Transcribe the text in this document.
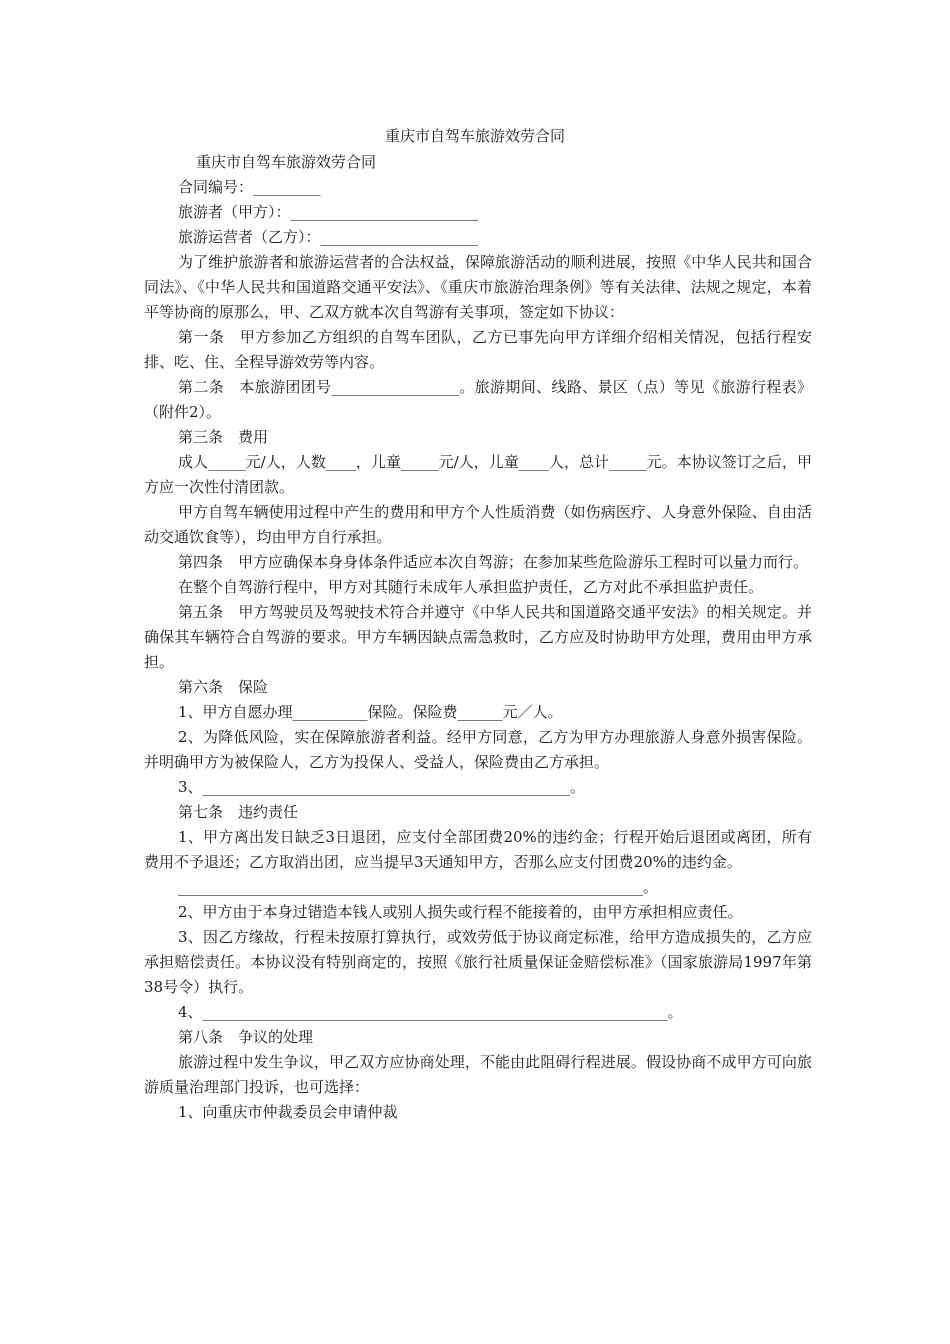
重庆市自驾车旅游效劳合同

重庆市自驾车旅游效劳合同

合同编号：_________

旅游者（甲方）：_________________________

旅游运营者（乙方）：_____________________

为了维护旅游者和旅游运营者的合法权益，保障旅游活动的顺利进展，按照《中华人民共和国合同法》、《中华人民共和国道路交通平安法》、《重庆市旅游治理条例》等有关法律、法规之规定，本着平等协商的原那么，甲、乙双方就本次自驾游有关事项，签定如下协议：

第一条　甲方参加乙方组织的自驾车团队，乙方已事先向甲方详细介绍相关情况，包括行程安排、吃、住、全程导游效劳等内容。

第二条　本旅游团团号_________________。旅游期间、线路、景区（点）等见《旅游行程表》（附件2）。

第三条　费用

成人_____元/人，人数____，儿童_____元/人，儿童____人，总计_____元。本协议签订之后，甲方应一次性付清团款。

甲方自驾车辆使用过程中产生的费用和甲方个人性质消费（如伤病医疗、人身意外保险、自由活动交通饮食等），均由甲方自行承担。

第四条　甲方应确保本身身体条件适应本次自驾游；在参加某些危险游乐工程时可以量力而行。

在整个自驾游行程中，甲方对其随行未成年人承担监护责任，乙方对此不承担监护责任。

第五条　甲方驾驶员及驾驶技术符合并遵守《中华人民共和国道路交通平安法》的相关规定。并确保其车辆符合自驾游的要求。甲方车辆因缺点需急救时，乙方应及时协助甲方处理，费用由甲方承担。

第六条　保险

1、甲方自愿办理__________保险。保险费______元／人。

2、为降低风险，实在保障旅游者利益。经甲方同意，乙方为甲方办理旅游人身意外损害保险。并明确甲方为被保险人，乙方为投保人、受益人，保险费由乙方承担。

3、_________________________________________________。

第七条　违约责任

1、甲方离出发日缺乏3日退团，应支付全部团费20%的违约金；行程开始后退团或离团，所有费用不予退还；乙方取消出团，应当提早3天通知甲方，否那么应支付团费20%的违约金。

______________________________________________________________。

2、甲方由于本身过错造本钱人或别人损失或行程不能接着的，由甲方承担相应责任。

3、因乙方缘故，行程未按原打算执行，或效劳低于协议商定标准，给甲方造成损失的，乙方应承担赔偿责任。本协议没有特别商定的，按照《旅行社质量保证金赔偿标准》（国家旅游局1997年第38号令）执行。

4、______________________________________________________________。

第八条　争议的处理

旅游过程中发生争议，甲乙双方应协商处理，不能由此阻碍行程进展。假设协商不成甲方可向旅游质量治理部门投诉，也可选择：

1、向重庆市仲裁委员会申请仲裁
